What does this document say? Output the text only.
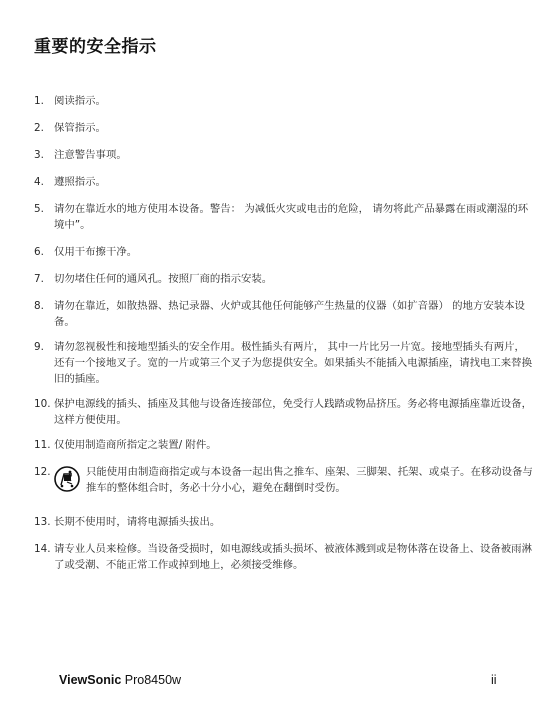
重要的安全指示
1. 阅读指示。
2. 保管指示。
3. 注意警告事项。
4. 遵照指示。
5. 请勿在靠近水的地方使用本设备。警告： 为减低火灾或电击的危险， 请勿将此产品暴露在雨或潮湿的环境中”。
6. 仅用干布擦干净。
7. 切勿堵住任何的通风孔。按照厂商的指示安装。
8. 请勿在靠近，如散热器、热记录器、火炉或其他任何能够产生热量的仪器（如扩音器） 的地方安装本设备。
9. 请勿忽视极性和接地型插头的安全作用。极性插头有两片， 其中一片比另一片宽。接地型插头有两片，还有一个接地叉子。宽的一片或第三个叉子为您提供安全。如果插头不能插入电源插座，请找电工来替换旧的插座。
10. 保护电源线的插头、插座及其他与设备连接部位，免受行人践踏或物品挤压。务必将电源插座靠近设备，这样方便使用。
11. 仅使用制造商所指定之装置/ 附件。
12.	只能使用由制造商指定或与本设备一起出售之推车、座架、三脚架、托架、或桌子。在移动设备与推车的整体组合时，务必十分小心，避免在翻倒时受伤。
13. 长期不使用时，请将电源插头拔出。
14. 请专业人员来检修。当设备受损时，如电源线或插头损坏、被液体溅到或是物体落在设备上、设备被雨淋了或受潮、不能正常工作或掉到地上，必须接受维修。
ViewSonic Pro8450w	ii
